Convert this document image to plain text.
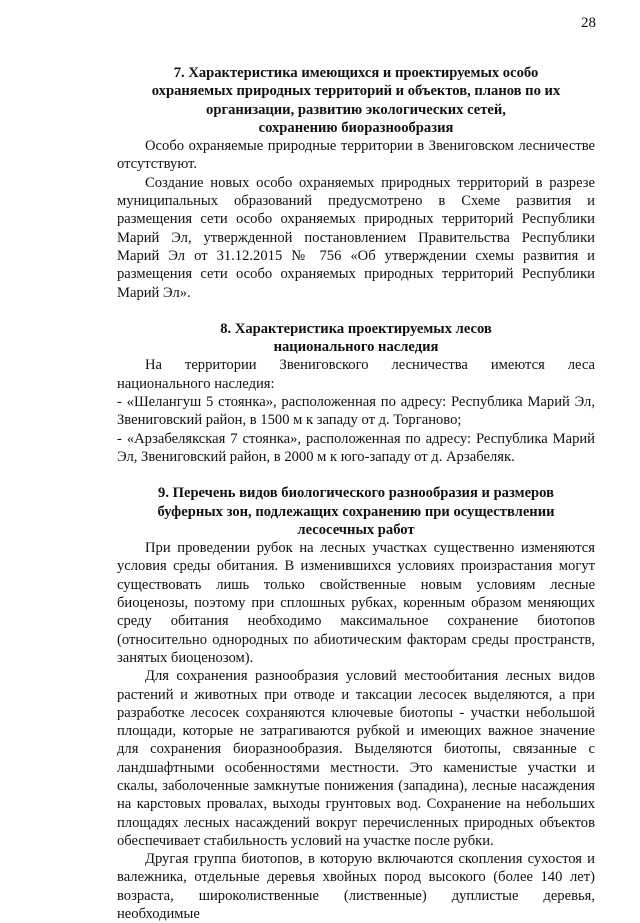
28
7. Характеристика имеющихся и проектируемых особо
охраняемых природных территорий и объектов, планов по их
организации, развитию экологических сетей,
сохранению биоразнообразия

Особо охраняемые природные территории в Звениговском лесничестве отсутствуют.

Создание новых особо охраняемых природных территорий в разрезе муниципальных образований предусмотрено в Схеме развития и размещения сети особо охраняемых природных территорий Республики Марий Эл, утвержденной постановлением Правительства Республики Марий Эл от 31.12.2015 № 756 «Об утверждении схемы развития и размещения сети особо охраняемых природных территорий Республики Марий Эл».

8. Характеристика проектируемых лесов
национального наследия

На территории Звениговского лесничества имеются леса национального наследия:

- «Шелангуш 5 стоянка», расположенная по адресу: Республика Марий Эл, Звениговский район, в 1500 м к западу от д. Торганово;

- «Арзабелякская 7 стоянка», расположенная по адресу: Республика Марий Эл, Звениговский район, в 2000 м к юго-западу от д. Арзабеляк.

9. Перечень видов биологического разнообразия и размеров
буферных зон, подлежащих сохранению при осуществлении
лесосечных работ

При проведении рубок на лесных участках существенно изменяются условия среды обитания. В изменившихся условиях произрастания могут существовать лишь только свойственные новым условиям лесные биоценозы, поэтому при сплошных рубках, коренным образом меняющих среду обитания необходимо максимальное сохранение биотопов (относительно однородных по абиотическим факторам среды пространств, занятых биоценозом).

Для сохранения разнообразия условий местообитания лесных видов растений и животных при отводе и таксации лесосек выделяются, а при разработке лесосек сохраняются ключевые биотопы - участки небольшой площади, которые не затрагиваются рубкой и имеющих важное значение для сохранения биоразнообразия. Выделяются биотопы, связанные с ландшафтными особенностями местности. Это каменистые участки и скалы, заболоченные замкнутые понижения (западина), лесные насаждения на карстовых провалах, выходы грунтовых вод. Сохранение на небольших площадях лесных насаждений вокруг перечисленных природных объектов обеспечивает стабильность условий на участке после рубки.

Другая группа биотопов, в которую включаются скопления сухостоя и валежника, отдельные деревья хвойных пород высокого (более 140 лет) возраста, широколиственные (лиственные) дуплистые деревья, необходимые
